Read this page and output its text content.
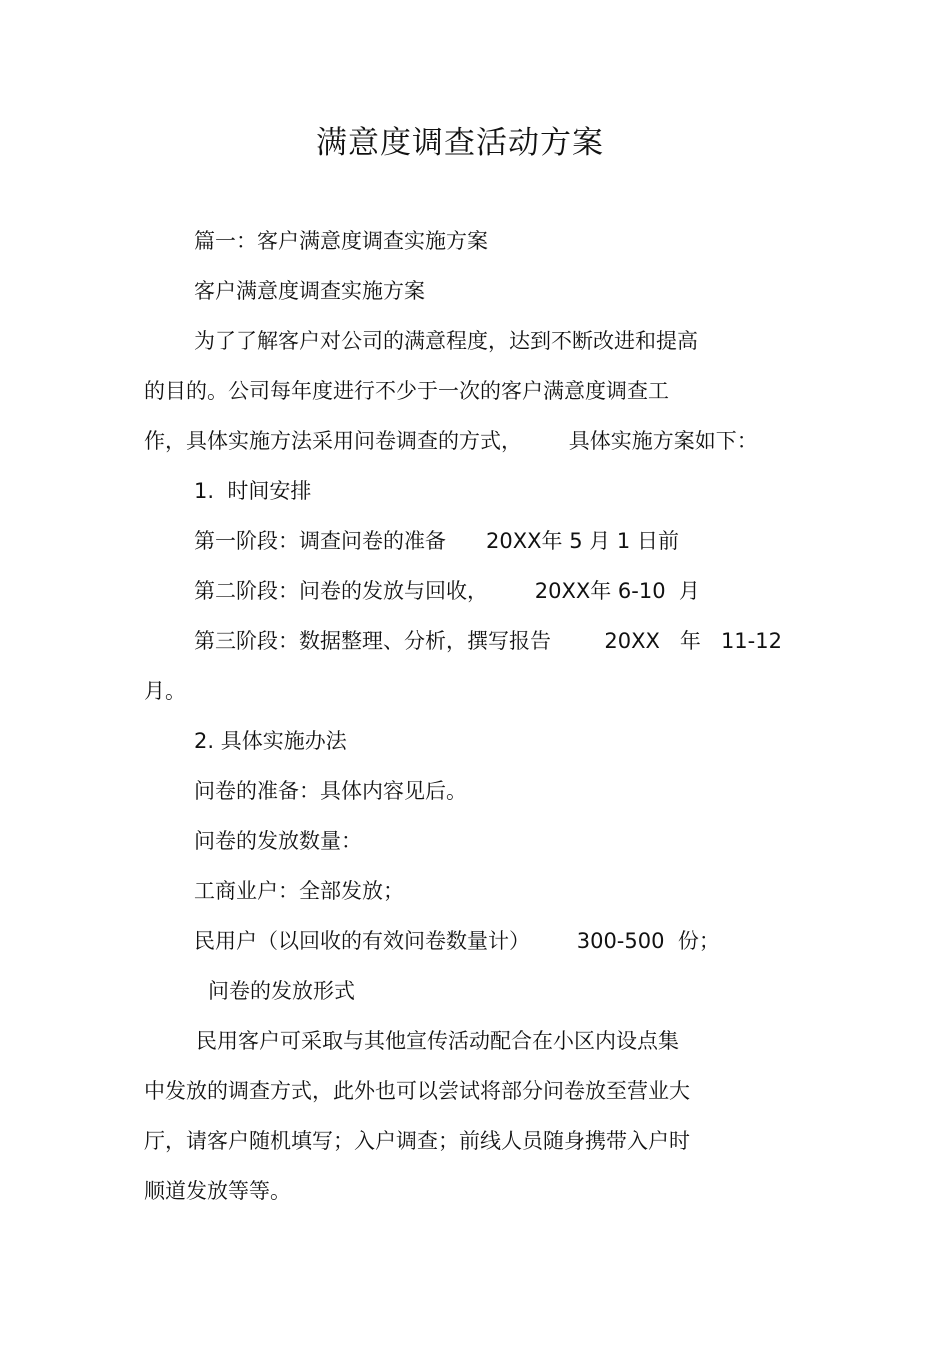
满意度调查活动方案

篇一：客户满意度调查实施方案

客户满意度调查实施方案

为了了解客户对公司的满意程度，达到不断改进和提高

的目的。公司每年度进行不少于一次的客户满意度调查工

作，具体实施方法采用问卷调查的方式，       具体实施方案如下：

1.  时间安排

第一阶段：调查问卷的准备      20XX年 5 月 1 日前

第二阶段：问卷的发放与回收，       20XX年 6-10  月

第三阶段：数据整理、分析，撰写报告        20XX   年   11-12

月。

2. 具体实施办法

问卷的准备：具体内容见后。

问卷的发放数量：

工商业户：全部发放；

民用户（以回收的有效问卷数量计）       300-500  份；

问卷的发放形式

民用客户可采取与其他宣传活动配合在小区内设点集

中发放的调查方式，此外也可以尝试将部分问卷放至营业大

厅，请客户随机填写；入户调查；前线人员随身携带入户时

顺道发放等等。
